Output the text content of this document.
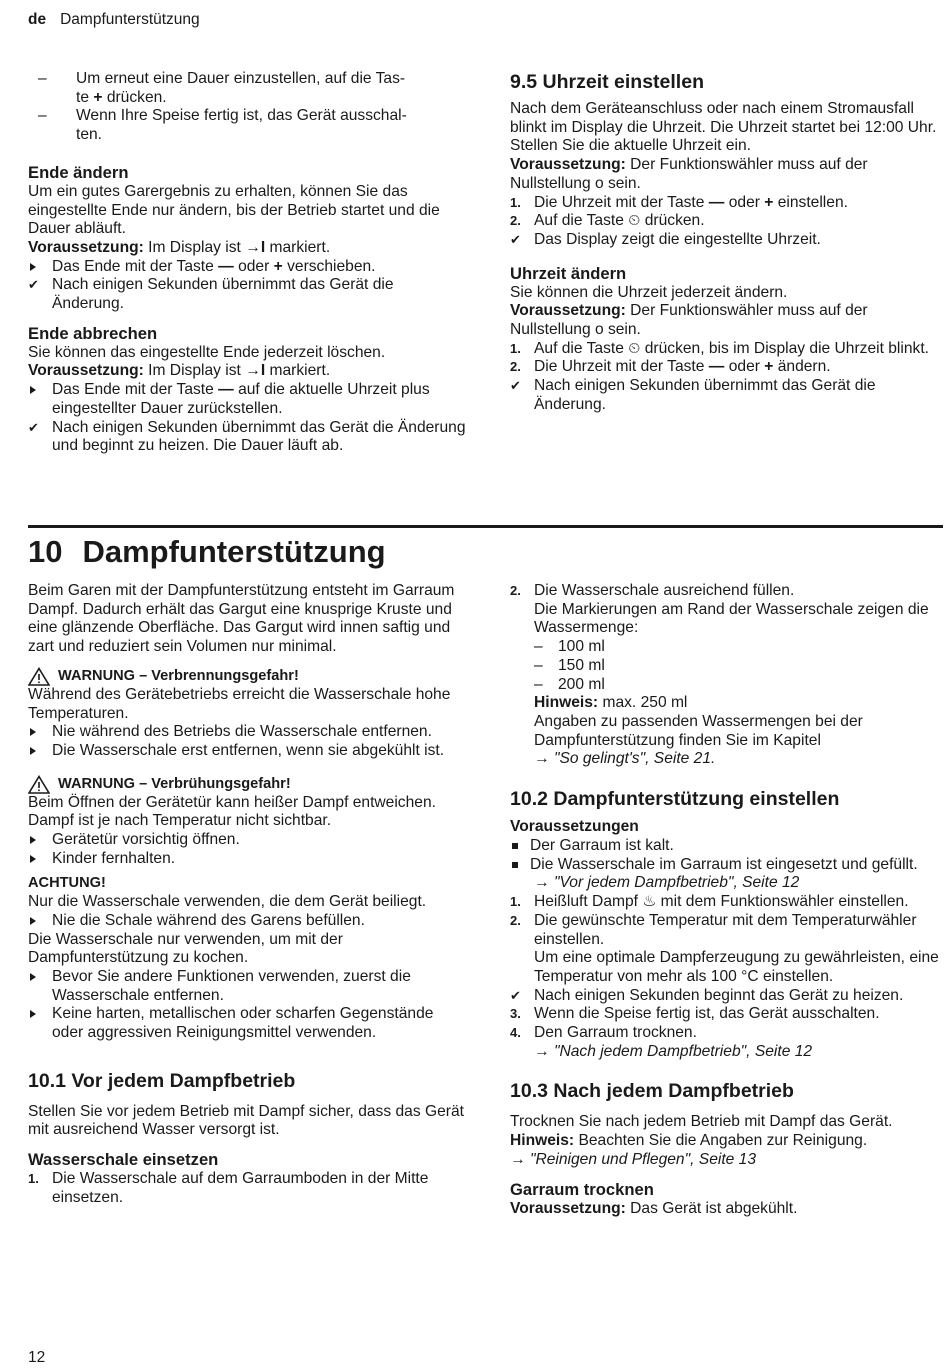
de Dampfunterstützung
–	Um erneut eine Dauer einzustellen, auf die Tas-
te + drücken.
–	Wenn Ihre Speise fertig ist, das Gerät ausschal-
ten.
Ende ändern

Um ein gutes Garergebnis zu erhalten, können Sie das eingestellte Ende nur ändern, bis der Betrieb startet und die Dauer abläuft.

Voraussetzung: Im Display ist →I markiert.

Das Ende mit der Taste — oder + verschieben.
✔ Nach einigen Sekunden übernimmt das Gerät die Änderung.
Ende abbrechen

Sie können das eingestellte Ende jederzeit löschen.

Voraussetzung: Im Display ist →I markiert.

Das Ende mit der Taste — auf die aktuelle Uhrzeit plus eingestellter Dauer zurückstellen.
✔ Nach einigen Sekunden übernimmt das Gerät die Änderung und beginnt zu heizen. Die Dauer läuft ab.
9.5 Uhrzeit einstellen

Nach dem Geräteanschluss oder nach einem Stromausfall blinkt im Display die Uhrzeit. Die Uhrzeit startet bei 12:00 Uhr. Stellen Sie die aktuelle Uhrzeit ein.

Voraussetzung: Der Funktionswähler muss auf der Nullstellung o sein.

1. Die Uhrzeit mit der Taste — oder + einstellen.
2. Auf die Taste ⏲ drücken.
✔ Das Display zeigt die eingestellte Uhrzeit.
Uhrzeit ändern

Sie können die Uhrzeit jederzeit ändern.

Voraussetzung: Der Funktionswähler muss auf der Nullstellung o sein.

1. Auf die Taste ⏲ drücken, bis im Display die Uhrzeit blinkt.
2. Die Uhrzeit mit der Taste — oder + ändern.
✔ Nach einigen Sekunden übernimmt das Gerät die Änderung.
10 Dampfunterstützung

Beim Garen mit der Dampfunterstützung entsteht im Garraum Dampf. Dadurch erhält das Gargut eine knusprige Kruste und eine glänzende Oberfläche. Das Gargut wird innen saftig und zart und reduziert sein Volumen nur minimal.

WARNUNG – Verbrennungsgefahr!

Während des Gerätebetriebs erreicht die Wasserschale hohe Temperaturen.

Nie während des Betriebs die Wasserschale entfernen.
Die Wasserschale erst entfernen, wenn sie abgekühlt ist.
WARNUNG – Verbrühungsgefahr!

Beim Öffnen der Gerätetür kann heißer Dampf entweichen. Dampf ist je nach Temperatur nicht sichtbar.

Gerätetür vorsichtig öffnen.
Kinder fernhalten.

ACHTUNG!

Nur die Wasserschale verwenden, die dem Gerät beiliegt.

Nie die Schale während des Garens befüllen.

Die Wasserschale nur verwenden, um mit der Dampfunterstützung zu kochen.

Bevor Sie andere Funktionen verwenden, zuerst die Wasserschale entfernen.
Keine harten, metallischen oder scharfen Gegenstände oder aggressiven Reinigungsmittel verwenden.
10.1 Vor jedem Dampfbetrieb

Stellen Sie vor jedem Betrieb mit Dampf sicher, dass das Gerät mit ausreichend Wasser versorgt ist.

Wasserschale einsetzen
1. Die Wasserschale auf dem Garraumboden in der Mitte einsetzen.
2. Die Wasserschale ausreichend füllen.

Die Markierungen am Rand der Wasserschale zeigen die Wassermenge:

– 100 ml
– 150 ml
– 200 ml

Hinweis: max. 250 ml

Angaben zu passenden Wassermengen bei der Dampfunterstützung finden Sie im Kapitel

→ "So gelingt's", Seite 21.

10.2 Dampfunterstützung einstellen
Voraussetzungen
Der Garraum ist kalt.
Die Wasserschale im Garraum ist eingesetzt und gefüllt.

→ "Vor jedem Dampfbetrieb", Seite 12

1. Heißluft Dampf ♨ mit dem Funktionswähler einstellen.
2. Die gewünschte Temperatur mit dem Temperaturwähler einstellen.

Um eine optimale Dampferzeugung zu gewährleisten, eine Temperatur von mehr als 100 °C einstellen.

✔ Nach einigen Sekunden beginnt das Gerät zu heizen.
3. Wenn die Speise fertig ist, das Gerät ausschalten.
4. Den Garraum trocknen.

→ "Nach jedem Dampfbetrieb", Seite 12

10.3 Nach jedem Dampfbetrieb

Trocknen Sie nach jedem Betrieb mit Dampf das Gerät.

Hinweis: Beachten Sie die Angaben zur Reinigung.

→ "Reinigen und Pflegen", Seite 13

Garraum trocknen

Voraussetzung: Das Gerät ist abgekühlt.

12
